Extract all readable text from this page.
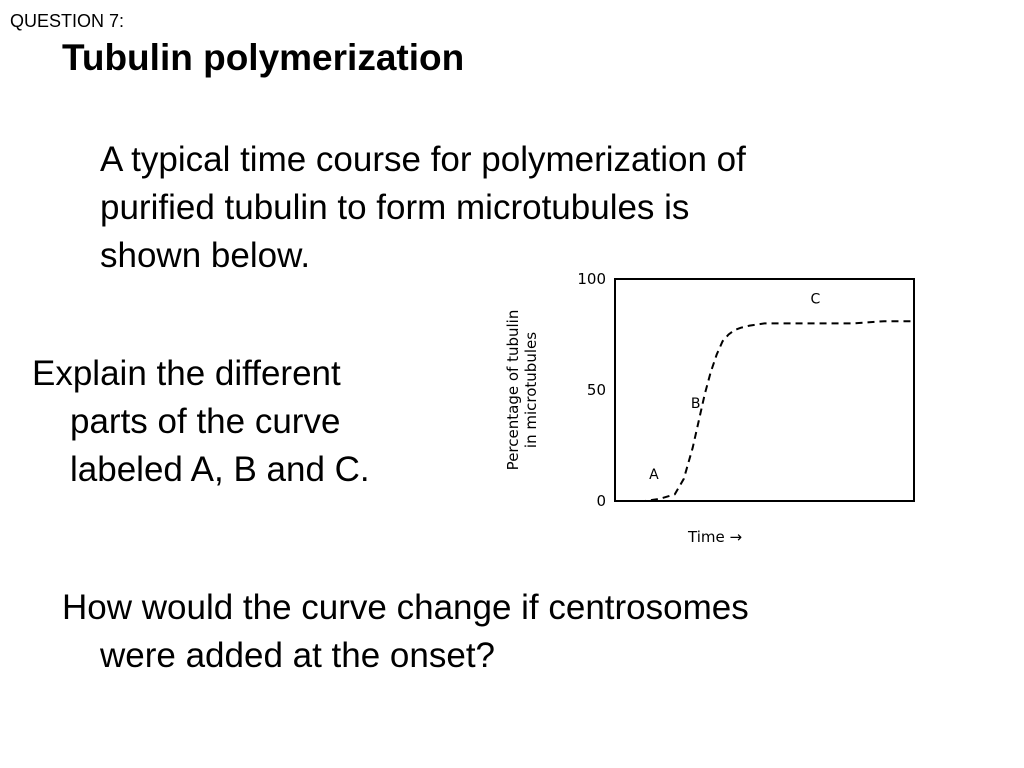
QUESTION 7:
Tubulin polymerization
A typical time course for polymerization of
purified tubulin to form microtubules is
shown below.
Explain the different
parts of the curve
labeled A, B and C.
How would the curve change if centrosomes
were added at the onset?
0
50
100
Percentage of tubulin in microtubules
Time →
A
B
C
